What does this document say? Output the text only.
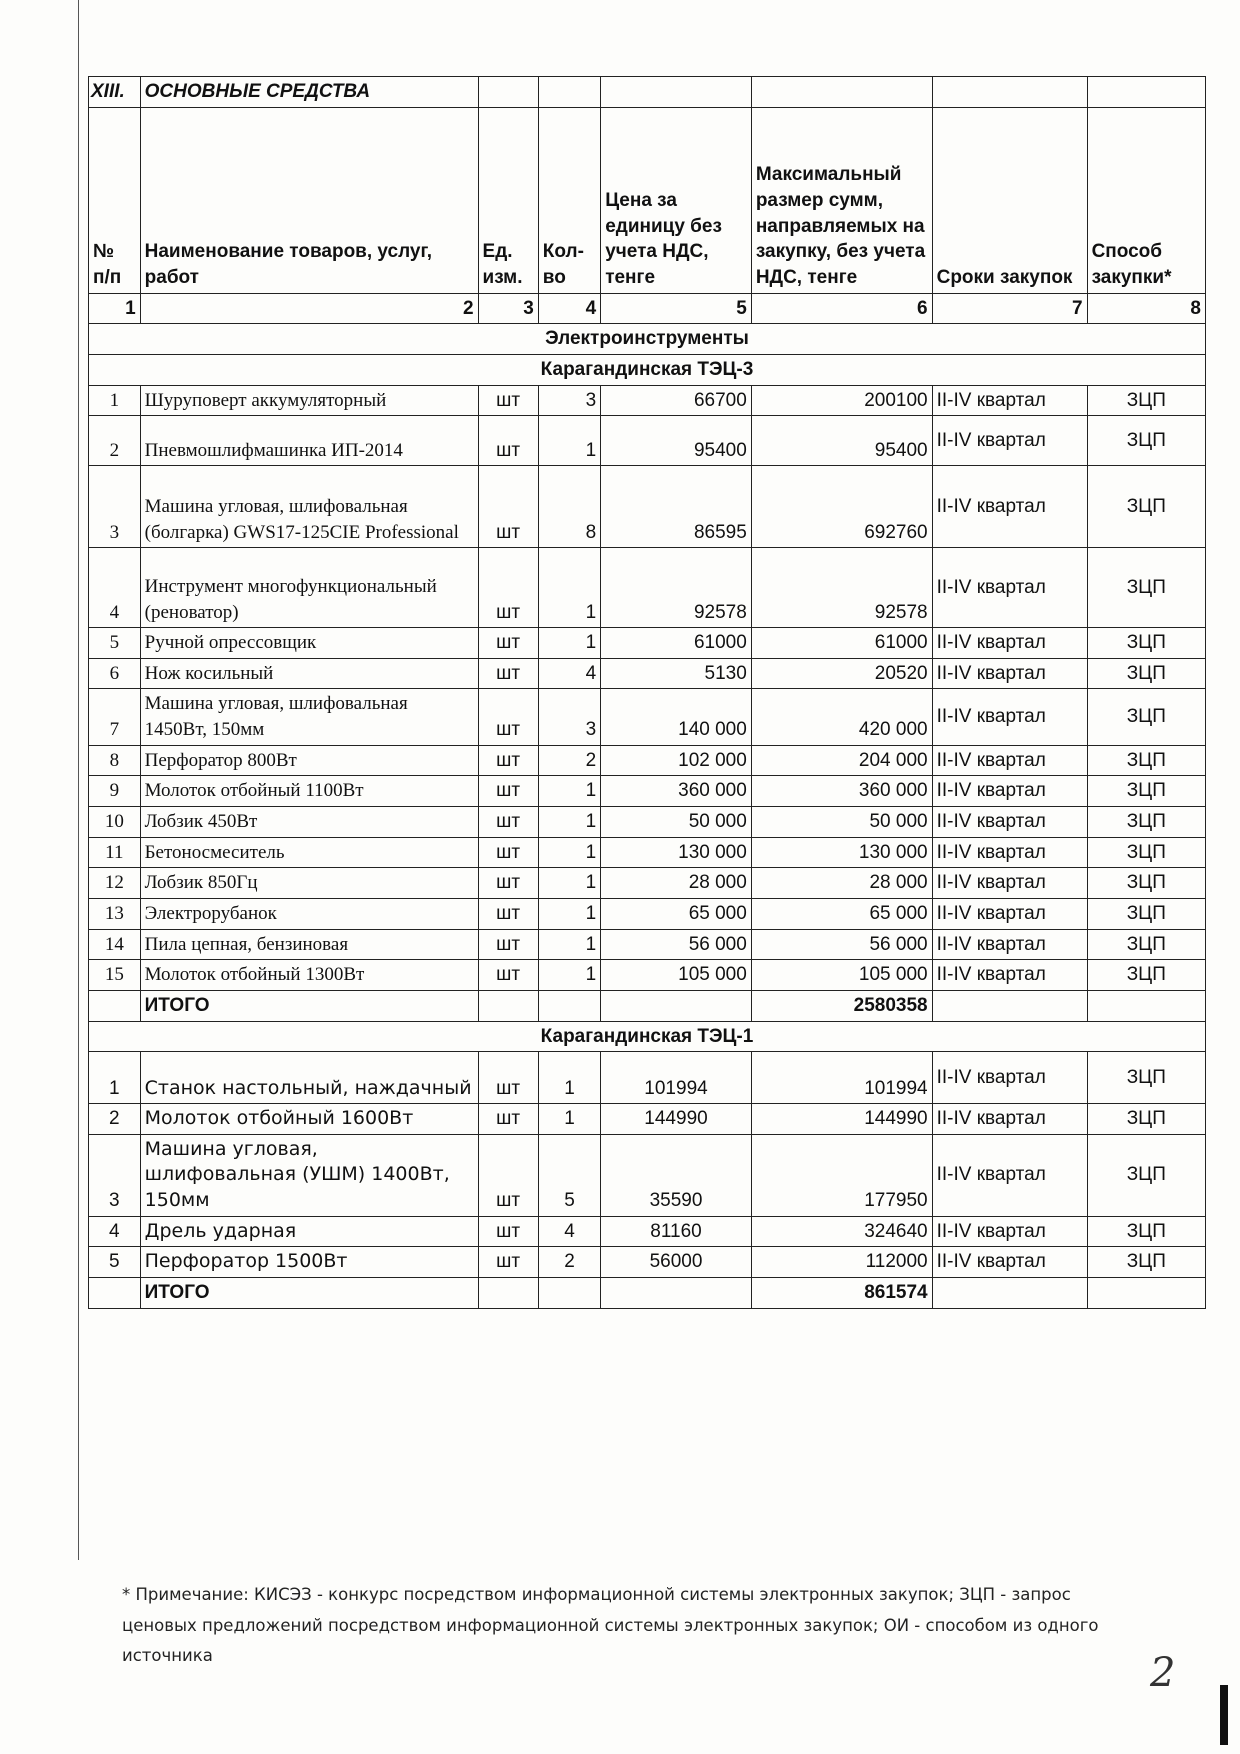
XIII.	ОСНОВНЫЕ СРЕДСТВА						
№ п/п	Наименование товаров, услуг, работ	Ед. изм.	Кол-во	Цена за единицу без учета НДС, тенге	Максимальный размер сумм, направляемых на закупку, без учета НДС, тенге	Сроки закупок	Способ закупки*
1	2	3	4	5	6	7	8
Электроинструменты							
Карагандинская ТЭЦ-3							
1	Шуруповерт аккумуляторный	шт	3	66700	200100	II-IV квартал	ЗЦП
2	Пневмошлифмашинка ИП-2014	шт	1	95400	95400	II-IV квартал	ЗЦП
3	Машина угловая, шлифовальная (болгарка) GWS17-125CIE Professional	шт	8	86595	692760	II-IV квартал	ЗЦП
4	Инструмент многофункциональный (реноватор)	шт	1	92578	92578	II-IV квартал	ЗЦП
5	Ручной опрессовщик	шт	1	61000	61000	II-IV квартал	ЗЦП
6	Нож косильный	шт	4	5130	20520	II-IV квартал	ЗЦП
7	Машина угловая, шлифовальная 1450Вт, 150мм	шт	3	140 000	420 000	II-IV квартал	ЗЦП
8	Перфоратор 800Вт	шт	2	102 000	204 000	II-IV квартал	ЗЦП
9	Молоток отбойный 1100Вт	шт	1	360 000	360 000	II-IV квартал	ЗЦП
10	Лобзик 450Вт	шт	1	50 000	50 000	II-IV квартал	ЗЦП
11	Бетоносмеситель	шт	1	130 000	130 000	II-IV квартал	ЗЦП
12	Лобзик 850Гц	шт	1	28 000	28 000	II-IV квартал	ЗЦП
13	Электрорубанок	шт	1	65 000	65 000	II-IV квартал	ЗЦП
14	Пила цепная, бензиновая	шт	1	56 000	56 000	II-IV квартал	ЗЦП
15	Молоток отбойный 1300Вт	шт	1	105 000	105 000	II-IV квартал	ЗЦП
	ИТОГО				2580358		
Карагандинская ТЭЦ-1							
1	Станок настольный, наждачный	шт	1	101994	101994	II-IV квартал	ЗЦП
2	Молоток отбойный 1600Вт	шт	1	144990	144990	II-IV квартал	ЗЦП
3	Машина угловая, шлифовальная (УШМ) 1400Вт, 150мм	шт	5	35590	177950	II-IV квартал	ЗЦП
4	Дрель ударная	шт	4	81160	324640	II-IV квартал	ЗЦП
5	Перфоратор 1500Вт	шт	2	56000	112000	II-IV квартал	ЗЦП
	ИТОГО				861574		
* Примечание: КИСЭЗ - конкурс посредством информационной системы электронных закупок; ЗЦП - запрос ценовых предложений посредством информационной системы электронных закупок; ОИ - способом из одного источника	2
